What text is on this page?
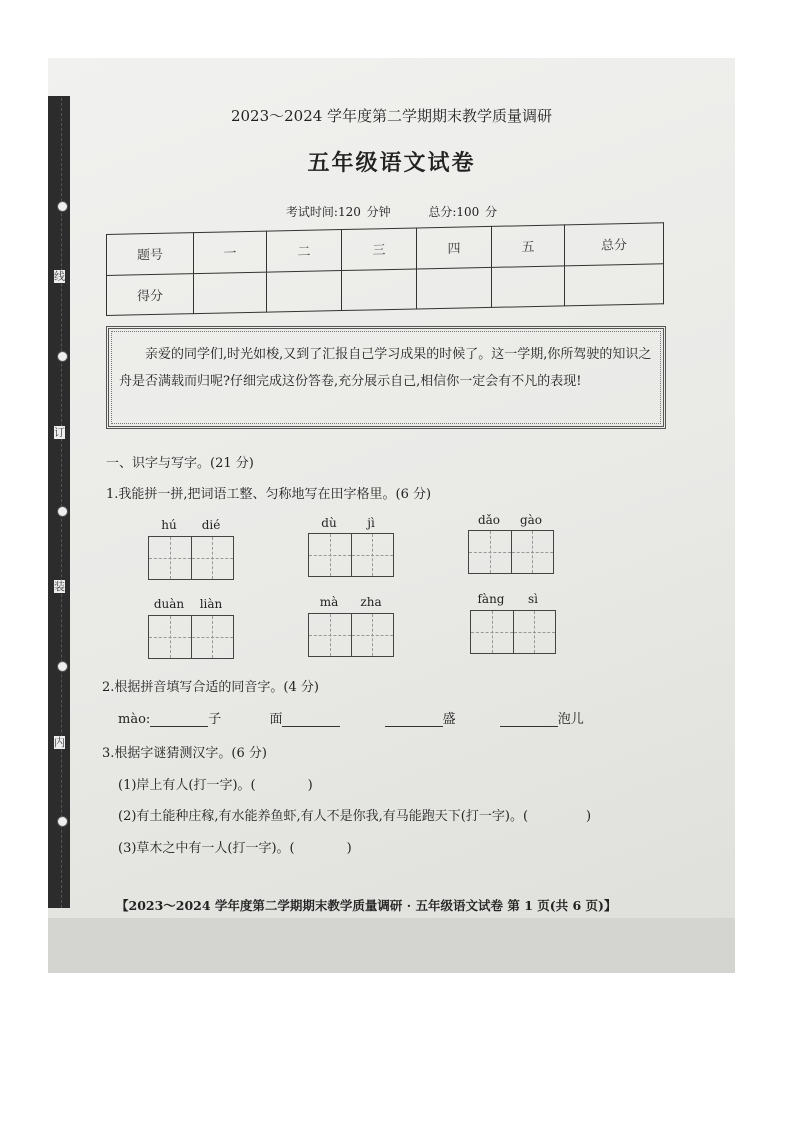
线
订
装
内
2023～2024 学年度第二学期期末教学质量调研
五年级语文试卷
考试时间:120 分钟	总分:100 分
题号	一	二	三	四	五	总分
得分						
亲爱的同学们,时光如梭,又到了汇报自己学习成果的时候了。这一学期,你所驾驶的知识之舟是否满载而归呢?仔细完成这份答卷,充分展示自己,相信你一定会有不凡的表现!
一、识字与写字。(21 分)
1.我能拼一拼,把词语工整、匀称地写在田字格里。(6 分)
hú	dié	dù	jì	dǎo	gào
duàn	liàn	mà	zha	fàng	sì
2.根据拼音填写合适的同音字。(4 分)
mào:	子	面	盛	泡儿
3.根据字谜猜测汉字。(6 分)
(1)岸上有人(打一字)。(	)
(2)有土能种庄稼,有水能养鱼虾,有人不是你我,有马能跑天下(打一字)。(	)
(3)草木之中有一人(打一字)。(	)
【2023～2024 学年度第二学期期末教学质量调研 · 五年级语文试卷 第 1 页(共 6 页)】
